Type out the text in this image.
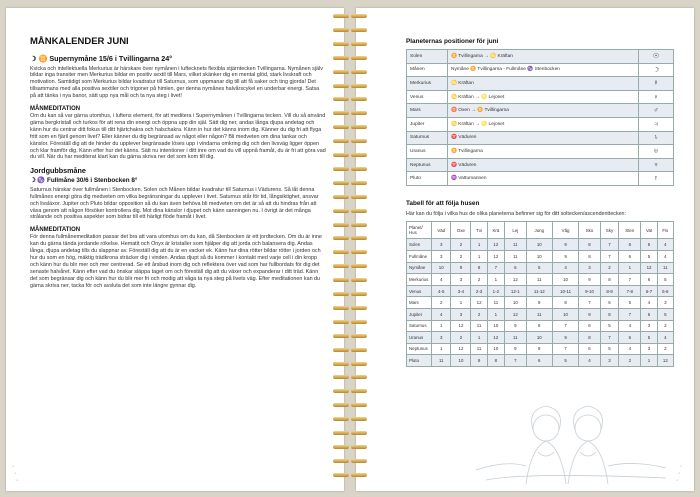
MÅNKALENDER JUNI
☽ ♊ Supernymåne 15/6 i Tvillingarna 24°

Kvicka och intellektuella Merkurius är härskare över nymånen i luftecknets flexibla stjärntecken Tvillingarna. Nymånen själv bildar inga transiter men Merkurius bildar en positiv sextil till Mars, vilket skänker dig en mental glöd, stark livskraft och motivation. Samtidigt som Merkurius bildar kvadratur till Saturnus, som uppmanar dig till att få saker och ting gjorda! Det tillsammans med alla positiva sextiler och trigoner på himlen, ger denna nymånes halvårscykel en underbar energi. Satsa på att tänka i nya banor, sätt upp nya mål och ta nya steg i livet!

MÅNMEDITATION

Om du kan så var gärna utomhus, i luftens element, för att meditera i Supernymånen i Tvillingarna tecken. Vill du så använd gärna bergkristall och turkos för att rena din energi och öppna upp din själ. Sätt dig ner, andas långa djupa andetag och känn hur du centrar ditt fokus till ditt hjärtchakra och halschakra. Känn in hur det känns inom dig. Känner du dig fri att flyga fritt som en fjäril genom livet? Eller känner du dig begränsad av något eller någon? Bli medveten om dina tankar och känslor. Föreställ dig att de hinder du upplever begränsade löses upp i vindarna omkring dig och den livsväg ligger öppen och klar framför dig. Känn efter hur det känns. Sätt nu intentioner i ditt inre om vad du vill uppnå framåt, du är fri att göra vad du vill. När du har mediterat klart kan du gärna skriva ner det som kom till dig.

Jordgubbsmåne
☽ ♑ Fullmåne 30/6 i Stenbocken 8°

Saturnus härskar över fullmånen i Stenbocken. Solen och Månen bildar kvadratur till Saturnus i Vädurens. Så låt denna fullmånes energi göra dig medveten om vilka begränsningar du upplever i livet. Saturnus står för tid, långsiktighet, ansvar och livsläxor. Jupiter och Pluto bildar opposition så du kan även behöva bli medveten om det är så att du hindras från att växa genom att någon försöker kontrollera dig. Mot dina känslor i djupet och känn sanningen nu. I övrigt är det många strålande och positiva aspekter som bidrar till ett härligt flöde framåt i livet.

MÅNMEDITATION

För denna fullmånemeditation passar det bra att vara utomhus om du kan, då Stenbocken är ett jordtecken. Om du är inne kan du gärna tända jordande rökelse. Hematit och Onyx är kristaller som hjälper dig att jorda och balansera dig. Andas långa, djupa andetag tills du slappnar av. Föreställ dig att du är en vacker ek. Känn hur dina rötter bildar rötter i jorden och hur du som en hög, mäktig trädkrona sträcker dig i vinden. Andas djupt så du kommer i kontakt med varje cell i din kropp och känn hur du blir mer och mer centrerad. Se ett årsbud inom dig och reflektera över vad som har fullbordats för dig det senaste halvåret. Känn efter vad du önskar släppa taget om och föreställ dig att du växer och expanderar i ditt träd. Känn det som begränsar dig och känn hur du blir mer fri och modig att våga ta nya steg på livets väg. Efter meditationen kan du gärna skriva ner, tacka för och avsluta det som inte längre gynnar dig.

·
·
·
Planeternas positioner för juni
Solen	♊ Tvillingarna → ♋ Kräftan	☉
Månen	Nymåne ♊ Tvillingarna - Fullmåne ♑ Stenbocken	☽
Merkurius	♋ Kräftan	☿
Venus	♋ Kräftan → ♌ Lejonet	♀
Mars	♉ Oxen → ♊ Tvillingarna	♂
Jupiter	♋ Kräftan → ♌ Lejonet	♃
Saturnus	♈ Väduren	♄
Uranus	♊ Tvillingarna	♅
Neptunus	♈ Väduren	♆
Pluto	♒ Vattumannen	♇
Tabell för att följa husen
Här kan du följa i vilka hus de olika planeterna befinner sig för ditt soltecken/ascendenttecken:
Planet/ Hus	Väd	Oxe	Tvi	Krä	Lej	Jung	Våg	Sko	Sky	Sten	Vat	Fis
Solen	3	2	1	12	11	10	9	8	7	6	5	4
Fullmåne	3	2	1	12	11	10	9	8	7	6	5	4
Nymåne	10	9	8	7	6	5	4	3	2	1	12	11
Merkurius	4	3	2	1	12	11	10	9	8	7	6	5
Venus	4-5	3-4	2-3	1-2	12-1	11-12	10-11	9-10	8-9	7-8	6-7	5-6
Mars	2	1	12	11	10	9	8	7	6	5	4	3
Jupiter	4	3	2	1	12	11	10	9	8	7	6	5
Saturnus	1	12	11	10	9	8	7	6	5	4	3	2
Uranus	3	2	1	12	11	10	9	8	7	6	5	4
Neptunus	1	12	11	10	9	8	7	6	5	4	3	2
Pluto	11	10	9	8	7	6	5	4	3	2	1	12
·
·
·
